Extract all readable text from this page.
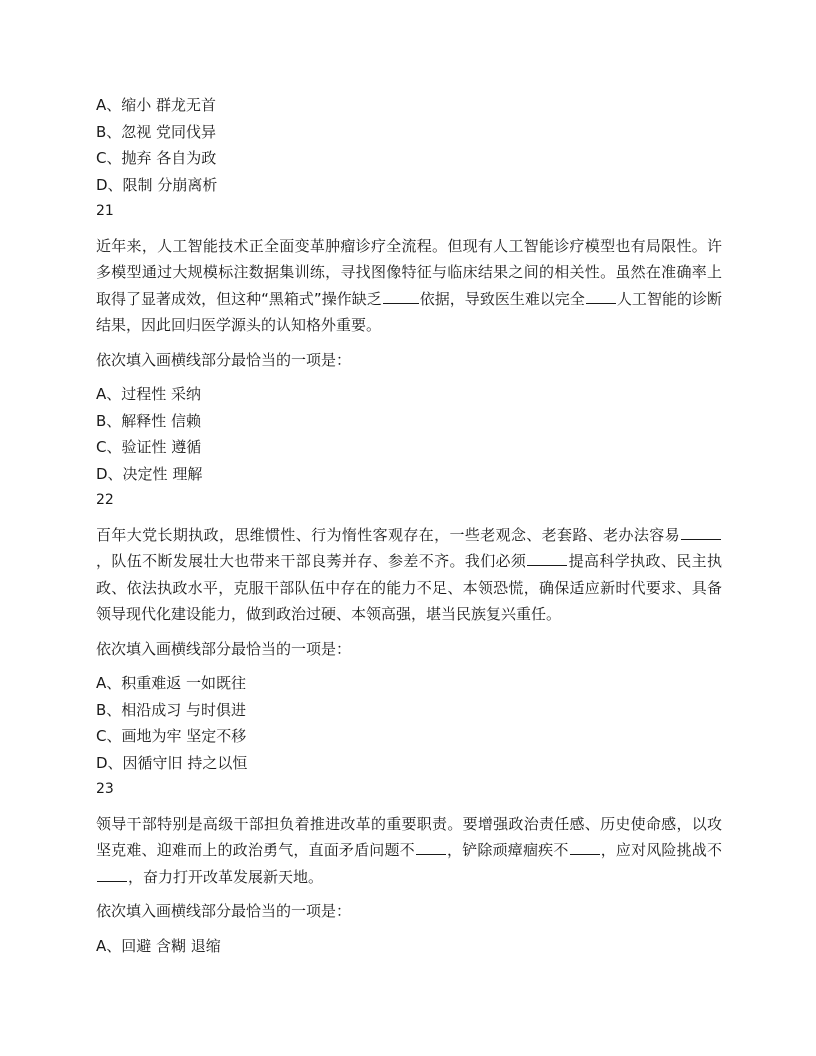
A、缩小 群龙无首
B、忽视 党同伐异
C、抛弃 各自为政
D、限制 分崩离析
21
近年来，人工智能技术正全面变革肿瘤诊疗全流程。但现有人工智能诊疗模型也有局限性。许多模型通过大规模标注数据集训练，寻找图像特征与临床结果之间的相关性。虽然在准确率上取得了显著成效，但这种“黑箱式”操作缺乏	依据，导致医生难以完全 人工智能的诊断结果，因此回归医学源头的认知格外重要。
依次填入画横线部分最恰当的一项是：
A、过程性 采纳
B、解释性 信赖
C、验证性 遵循
D、决定性 理解
22
百年大党长期执政，思维惯性、行为惰性客观存在，一些老观念、老套路、老办法容易，队伍不断发展壮大也带来干部良莠并存、参差不齐。我们必须	提高科学执政、民主执政、依法执政水平，克服干部队伍中存在的能力不足、本领恐慌，确保适应新时代要求、具备领导现代化建设能力，做到政治过硬、本领高强，堪当民族复兴重任。
依次填入画横线部分最恰当的一项是：
A、积重难返 一如既往
B、相沿成习 与时俱进
C、画地为牢 坚定不移
D、因循守旧 持之以恒
23
领导干部特别是高级干部担负着推进改革的重要职责。要增强政治责任感、历史使命感，以攻坚克难、迎难而上的政治勇气，直面矛盾问题不 ，铲除顽瘴痼疾不 ，应对风险挑战不，奋力打开改革发展新天地。
依次填入画横线部分最恰当的一项是：
A、回避 含糊 退缩
